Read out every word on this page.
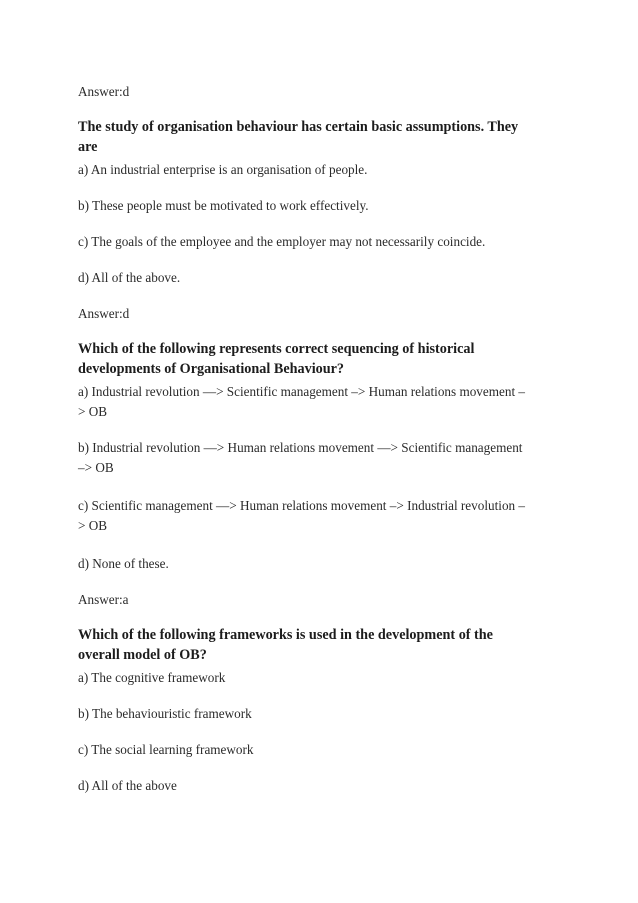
Answer:d
The study of organisation behaviour has certain basic assumptions. They
are
a) An industrial enterprise is an organisation of people.
b) These people must be motivated to work effectively.
c) The goals of the employee and the employer may not necessarily coincide.
d) All of the above.
Answer:d
Which of the following represents correct sequencing of historical
developments of Organisational Behaviour?
a) Industrial revolution —> Scientific management –> Human relations movement –
> OB
b) Industrial revolution —> Human relations movement —> Scientific management
–> OB
c) Scientific management —> Human relations movement –> Industrial revolution –
> OB
d) None of these.
Answer:a
Which of the following frameworks is used in the development of the
overall model of OB?
a) The cognitive framework
b) The behaviouristic framework
c) The social learning framework
d) All of the above
